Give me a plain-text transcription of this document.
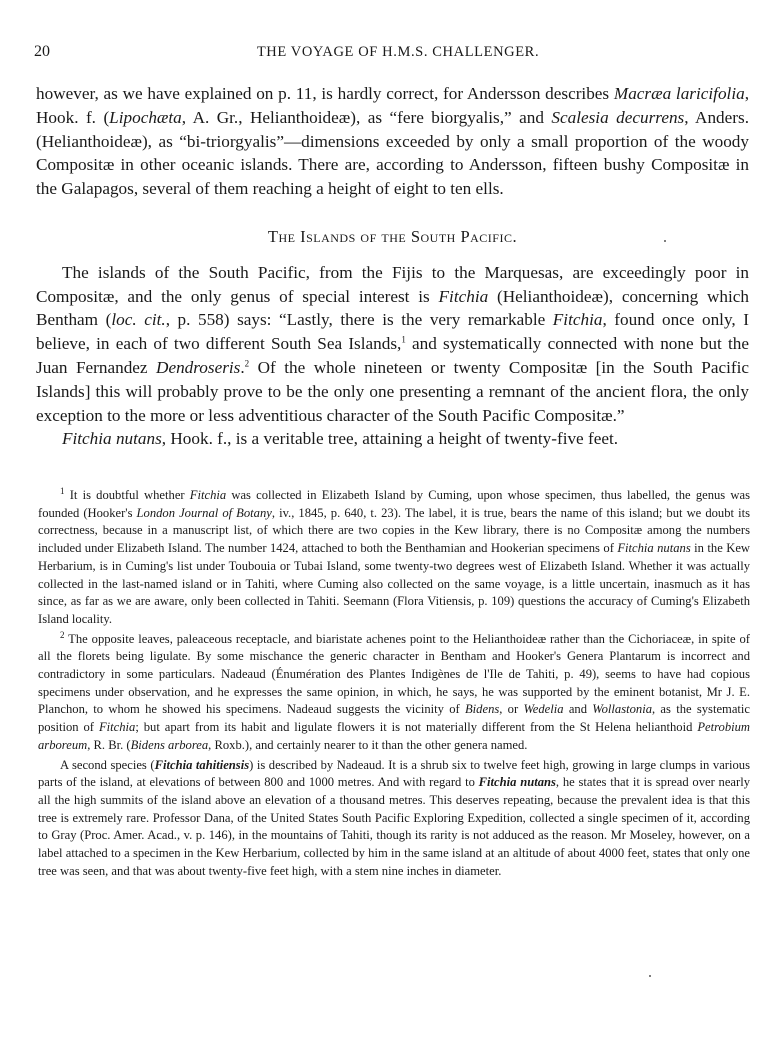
20	THE VOYAGE OF H.M.S. CHALLENGER.

however, as we have explained on p. 11, is hardly correct, for Andersson describes Macræa laricifolia, Hook. f. (Lipochæta, A. Gr., Helianthoideæ), as “fere biorgyalis,” and Scalesia decurrens, Anders. (Helianthoideæ), as “bi-triorgyalis”—dimensions exceeded by only a small proportion of the woody Compositæ in other oceanic islands. There are, according to Andersson, fifteen bushy Compositæ in the Galapagos, several of them reaching a height of eight to ten ells.

The Islands of the South Pacific.

The islands of the South Pacific, from the Fijis to the Marquesas, are exceedingly poor in Compositæ, and the only genus of special interest is Fitchia (Helianthoideæ), concerning which Bentham (loc. cit., p. 558) says: “Lastly, there is the very remarkable Fitchia, found once only, I believe, in each of two different South Sea Islands,$^1$ and systematically connected with none but the Juan Fernandez Dendroseris.$^2$ Of the whole nineteen or twenty Compositæ [in the South Pacific Islands] this will probably prove to be the only one presenting a remnant of the ancient flora, the only exception to the more or less adventitious character of the South Pacific Compositæ.”

Fitchia nutans, Hook. f., is a veritable tree, attaining a height of twenty-five feet.

$^1$ It is doubtful whether Fitchia was collected in Elizabeth Island by Cuming, upon whose specimen, thus labelled, the genus was founded (Hooker's London Journal of Botany, iv., 1845, p. 640, t. 23). The label, it is true, bears the name of this island; but we doubt its correctness, because in a manuscript list, of which there are two copies in the Kew library, there is no Compositæ among the numbers included under Elizabeth Island. The number 1424, attached to both the Benthamian and Hookerian specimens of Fitchia nutans in the Kew Herbarium, is in Cuming's list under Toubouia or Tubai Island, some twenty-two degrees west of Elizabeth Island. Whether it was actually collected in the last-named island or in Tahiti, where Cuming also collected on the same voyage, is a little uncertain, inasmuch as it has since, as far as we are aware, only been collected in Tahiti. Seemann (Flora Vitiensis, p. 109) questions the accuracy of Cuming's Elizabeth Island locality.

$^2$ The opposite leaves, paleaceous receptacle, and biaristate achenes point to the Helianthoideæ rather than the Cichoriaceæ, in spite of all the florets being ligulate. By some mischance the generic character in Bentham and Hooker's Genera Plantarum is incorrect and contradictory in some particulars. Nadeaud (Énumération des Plantes Indigènes de l'Ile de Tahiti, p. 49), seems to have had copious specimens under observation, and he expresses the same opinion, in which, he says, he was supported by the eminent botanist, Mr J. E. Planchon, to whom he showed his specimens. Nadeaud suggests the vicinity of Bidens, or Wedelia and Wollastonia, as the systematic position of Fitchia; but apart from its habit and ligulate flowers it is not materially different from the St Helena helianthoid Petrobium arboreum, R. Br. (Bidens arborea, Roxb.), and certainly nearer to it than the other genera named.

A second species (Fitchia tahitiensis) is described by Nadeaud. It is a shrub six to twelve feet high, growing in large clumps in various parts of the island, at elevations of between 800 and 1000 metres. And with regard to Fitchia nutans, he states that it is spread over nearly all the high summits of the island above an elevation of a thousand metres. This deserves repeating, because the prevalent idea is that this tree is extremely rare. Professor Dana, of the United States South Pacific Exploring Expedition, collected a single specimen of it, according to Gray (Proc. Amer. Acad., v. p. 146), in the mountains of Tahiti, though its rarity is not adduced as the reason. Mr Moseley, however, on a label attached to a specimen in the Kew Herbarium, collected by him in the same island at an altitude of about 4000 feet, states that only one tree was seen, and that was about twenty-five feet high, with a stem nine inches in diameter.
